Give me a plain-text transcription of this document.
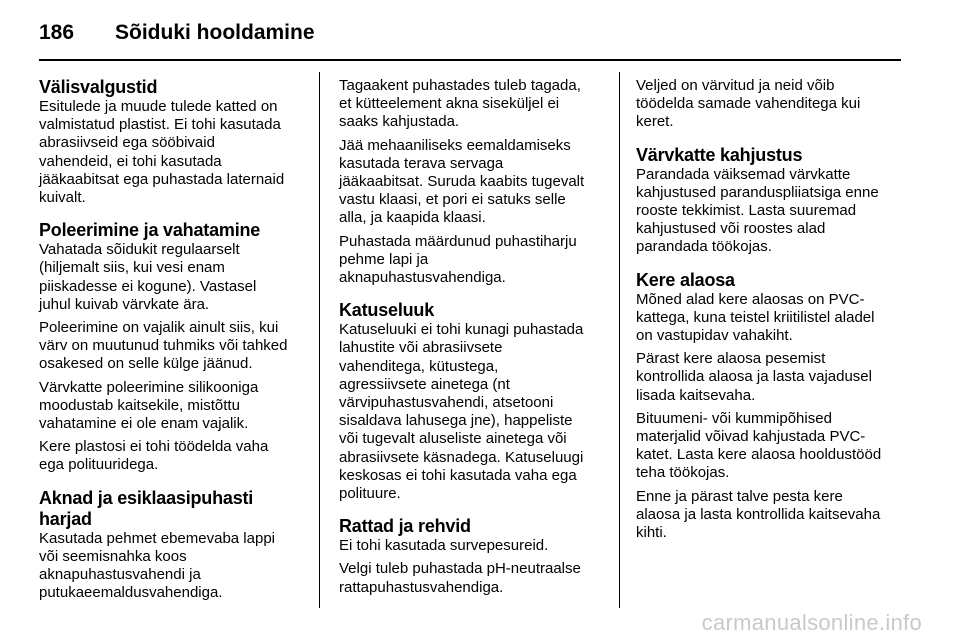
186	Sõiduki hooldamine
Välisvalgustid

Esitulede ja muude tulede katted on
valmistatud plastist. Ei tohi kasutada
abrasiivseid ega sööbivaid
vahendeid, ei tohi kasutada
jääkaabitsat ega puhastada laternaid
kuivalt.

Poleerimine ja vahatamine

Vahatada sõidukit regulaarselt
(hiljemalt siis, kui vesi enam
piiskadesse ei kogune). Vastasel
juhul kuivab värvkate ära.

Poleerimine on vajalik ainult siis, kui
värv on muutunud tuhmiks või tahked
osakesed on selle külge jäänud.

Värvkatte poleerimine silikooniga
moodustab kaitsekile, mistõttu
vahatamine ei ole enam vajalik.

Kere plastosi ei tohi töödelda vaha
ega polituuridega.

Aknad ja esiklaasipuhasti harjad

Kasutada pehmet ebemevaba lappi
või seemisnahka koos
aknapuhastusvahendi ja
putukaeemaldusvahendiga.

Tagaakent puhastades tuleb tagada,
et kütteelement akna siseküljel ei
saaks kahjustada.

Jää mehaaniliseks eemaldamiseks
kasutada terava servaga
jääkaabitsat. Suruda kaabits tugevalt
vastu klaasi, et pori ei satuks selle
alla, ja kaapida klaasi.

Puhastada määrdunud puhastiharju
pehme lapi ja
aknapuhastusvahendiga.

Katuseluuk

Katuseluuki ei tohi kunagi puhastada
lahustite või abrasiivsete
vahenditega, kütustega,
agressiivsete ainetega (nt
värvipuhastusvahendi, atsetooni
sisaldava lahusega jne), happeliste
või tugevalt aluseliste ainetega või
abrasiivsete käsnadega. Katuseluugi
keskosas ei tohi kasutada vaha ega
polituure.

Rattad ja rehvid

Ei tohi kasutada survepesureid.

Velgi tuleb puhastada pH-neutraalse
rattapuhastusvahendiga.

Veljed on värvitud ja neid võib
töödelda samade vahenditega kui
keret.

Värvkatte kahjustus

Parandada väiksemad värvkatte
kahjustused paranduspliiatsiga enne
rooste tekkimist. Lasta suuremad
kahjustused või roostes alad
parandada töökojas.

Kere alaosa

Mõned alad kere alaosas on PVC-
kattega, kuna teistel kriitilistel aladel
on vastupidav vahakiht.

Pärast kere alaosa pesemist
kontrollida alaosa ja lasta vajadusel
lisada kaitsevaha.

Bituumeni- või kummipõhised
materjalid võivad kahjustada PVC-
katet. Lasta kere alaosa hooldustööd
teha töökojas.

Enne ja pärast talve pesta kere
alaosa ja lasta kontrollida kaitsevaha
kihti.

carmanualsonline.info
